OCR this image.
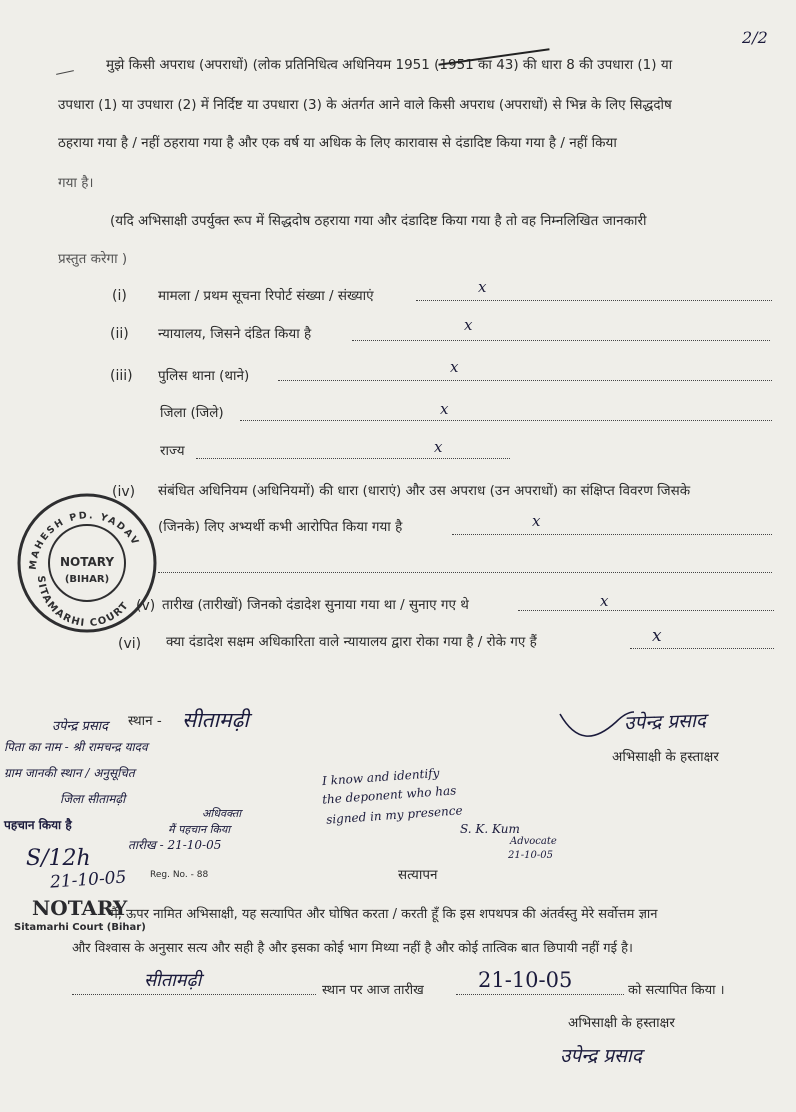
2/2
मुझे किसी अपराध (अपराधों) (लोक प्रतिनिधित्व अधिनियम 1951 (1951 का 43) की धारा 8 की उपधारा (1) या
उपधारा (1) या उपधारा (2) में निर्दिष्ट या उपधारा (3) के अंतर्गत आने वाले किसी अपराध (अपराधों) से भिन्न के लिए सिद्धदोष
ठहराया गया है / नहीं ठहराया गया है और एक वर्ष या अधिक के लिए कारावास से दंडादिष्ट किया गया है / नहीं किया
गया है।
(यदि अभिसाक्षी उपर्युक्त रूप में सिद्धदोष ठहराया गया और दंडादिष्ट किया गया है तो वह निम्नलिखित जानकारी
प्रस्तुत करेगा )
(i) मामला / प्रथम सूचना रिपोर्ट संख्या / संख्याएं	x
(ii) न्यायालय, जिसने दंडित किया है	x
(iii) पुलिस थाना (थाने)	x
जिला (जिले)	x
राज्य	x
(iv) संबंधित अधिनियम (अधिनियमों) की धारा (धाराएं) और उस अपराध (उन अपराधों) का संक्षिप्त विवरण जिसके
(जिनके) लिए अभ्यर्थी कभी आरोपित किया गया है	x
(v) तारीख (तारीखों) जिनको दंडादेश सुनाया गया था / सुनाए गए थे	x
(vi) क्या दंडादेश सक्षम अधिकारिता वाले न्यायालय द्वारा रोका गया है / रोके गए हैं	x
MAHESH PD. YADAV
SITAMARHI COURT
NOTARY
(BIHAR)
उपेन्द्र प्रसाद
अभिसाक्षी के हस्ताक्षर
स्थान - सीतामढ़ी
उपेन्द्र प्रसाद
पिता का नाम - श्री रामचन्द्र यादव
ग्राम जानकी स्थान / अनुसूचित
जिला सीतामढ़ी
पहचान किया है
तारीख - 21-10-05
अधिवक्ता
मैं पहचान किया
S/12h
21-10-05	Reg. No. - 88
I know and identify
the deponent who has
signed in my presence
S. K. Kum
Advocate
21-10-05
सत्यापन
NOTARY
Sitamarhi Court (Bihar)
मैं, ऊपर नामित अभिसाक्षी, यह सत्यापित और घोषित करता / करती हूँ कि इस शपथपत्र की अंतर्वस्तु मेरे सर्वोत्तम ज्ञान
और विश्वास के अनुसार सत्य और सही है और इसका कोई भाग मिथ्या नहीं है और कोई तात्विक बात छिपायी नहीं गई है।
सीतामढ़ी	स्थान पर आज तारीख	21-10-05	को सत्यापित किया ।
अभिसाक्षी के हस्ताक्षर
उपेन्द्र प्रसाद
